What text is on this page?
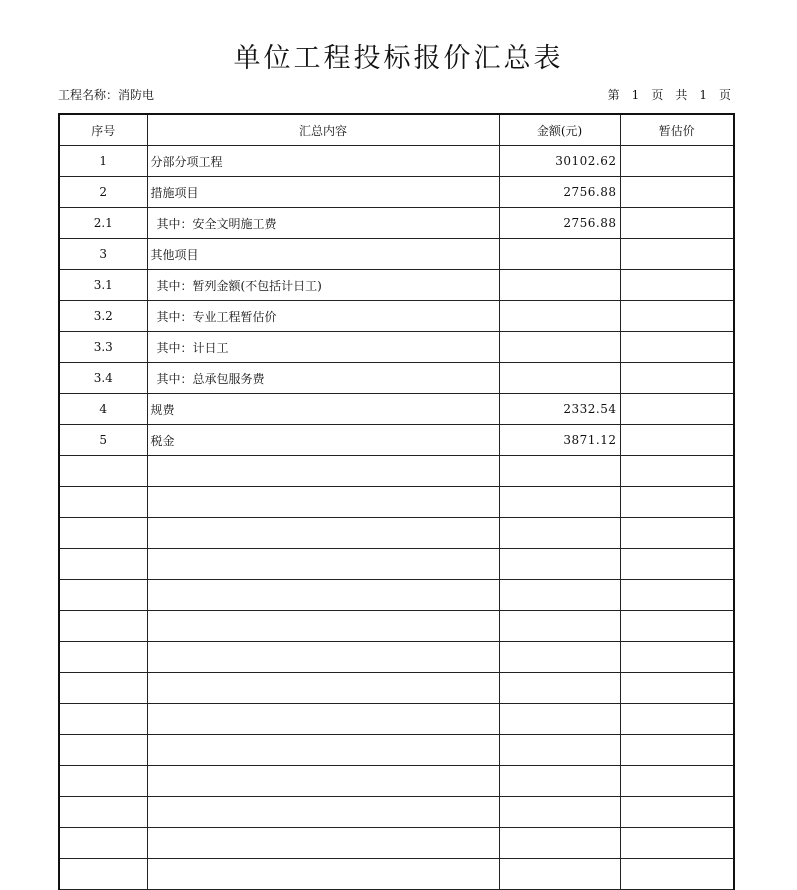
单位工程投标报价汇总表
工程名称：消防电	第 1 页 共 1 页
序号	汇总内容	金额(元)	暂估价
1	分部分项工程	30102.62	
2	措施项目	2756.88	
2.1	其中：安全文明施工费	2756.88	
3	其他项目		
3.1	其中：暂列金额(不包括计日工)		
3.2	其中：专业工程暂估价		
3.3	其中：计日工		
3.4	其中：总承包服务费		
4	规费	2332.54	
5	税金	3871.12	
